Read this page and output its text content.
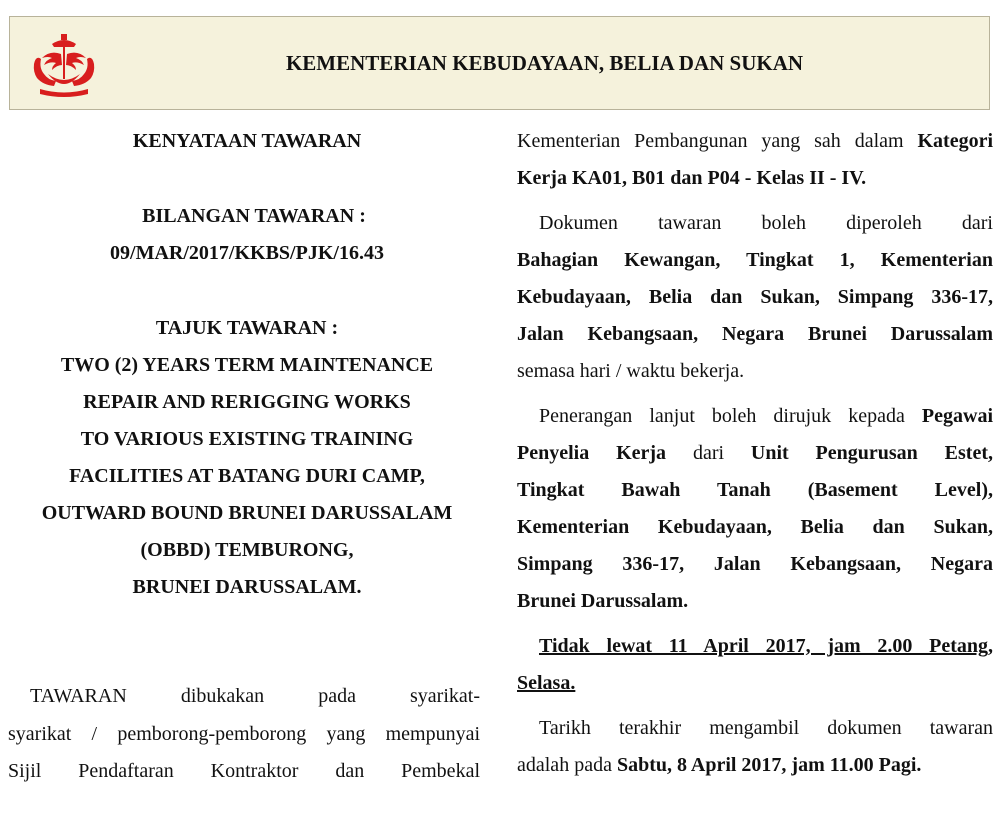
KEMENTERIAN KEBUDAYAAN, BELIA DAN SUKAN
KENYATAAN TAWARAN
BILANGAN TAWARAN :
09/MAR/2017/KKBS/PJK/16.43
TAJUK TAWARAN :
TWO (2) YEARS TERM MAINTENANCE
REPAIR AND RERIGGING WORKS
TO VARIOUS EXISTING TRAINING
FACILITIES AT BATANG DURI CAMP,
OUTWARD BOUND BRUNEI DARUSSALAM
(OBBD) TEMBURONG,
BRUNEI DARUSSALAM.
TAWARAN dibukakan pada syarikat-
syarikat / pemborong-pemborong yang mempunyai
Sijil Pendaftaran Kontraktor dan Pembekal
Kementerian Pembangunan yang sah dalam Kategori
Kerja KA01, B01 dan P04 - Kelas II - IV.
Dokumen tawaran boleh diperoleh dari
Bahagian Kewangan, Tingkat 1, Kementerian
Kebudayaan, Belia dan Sukan, Simpang 336-17,
Jalan Kebangsaan, Negara Brunei Darussalam
semasa hari / waktu bekerja.
Penerangan lanjut boleh dirujuk kepada Pegawai
Penyelia Kerja dari Unit Pengurusan Estet,
Tingkat Bawah Tanah (Basement Level),
Kementerian Kebudayaan, Belia dan Sukan,
Simpang 336-17, Jalan Kebangsaan, Negara
Brunei Darussalam.
Tidak lewat 11 April 2017, jam 2.00 Petang,
Selasa.
Tarikh terakhir mengambil dokumen tawaran
adalah pada Sabtu, 8 April 2017, jam 11.00 Pagi.
